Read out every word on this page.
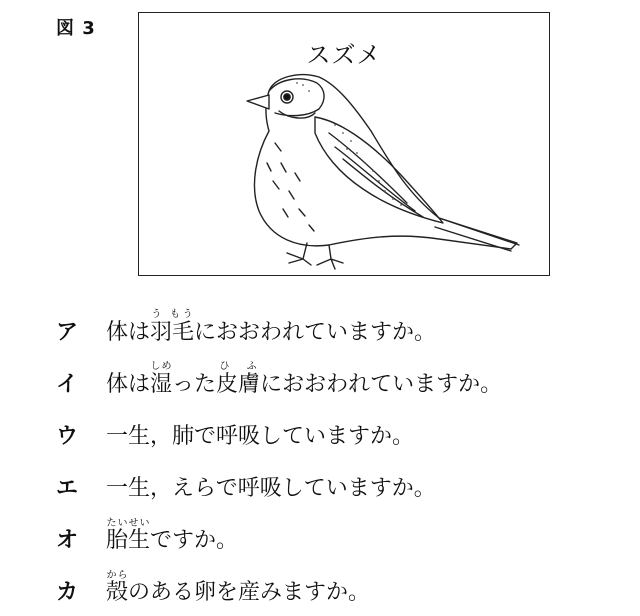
図 3
スズメ
ア	体は羽毛う もうにおおわれていますか。
イ	体は湿しめった皮膚ひ ふにおおわれていますか。
ウ	一生，肺で呼吸していますか。
エ	一生，えらで呼吸していますか。
オ	胎生たいせいですか。
カ	殻からのある卵を産みますか。
